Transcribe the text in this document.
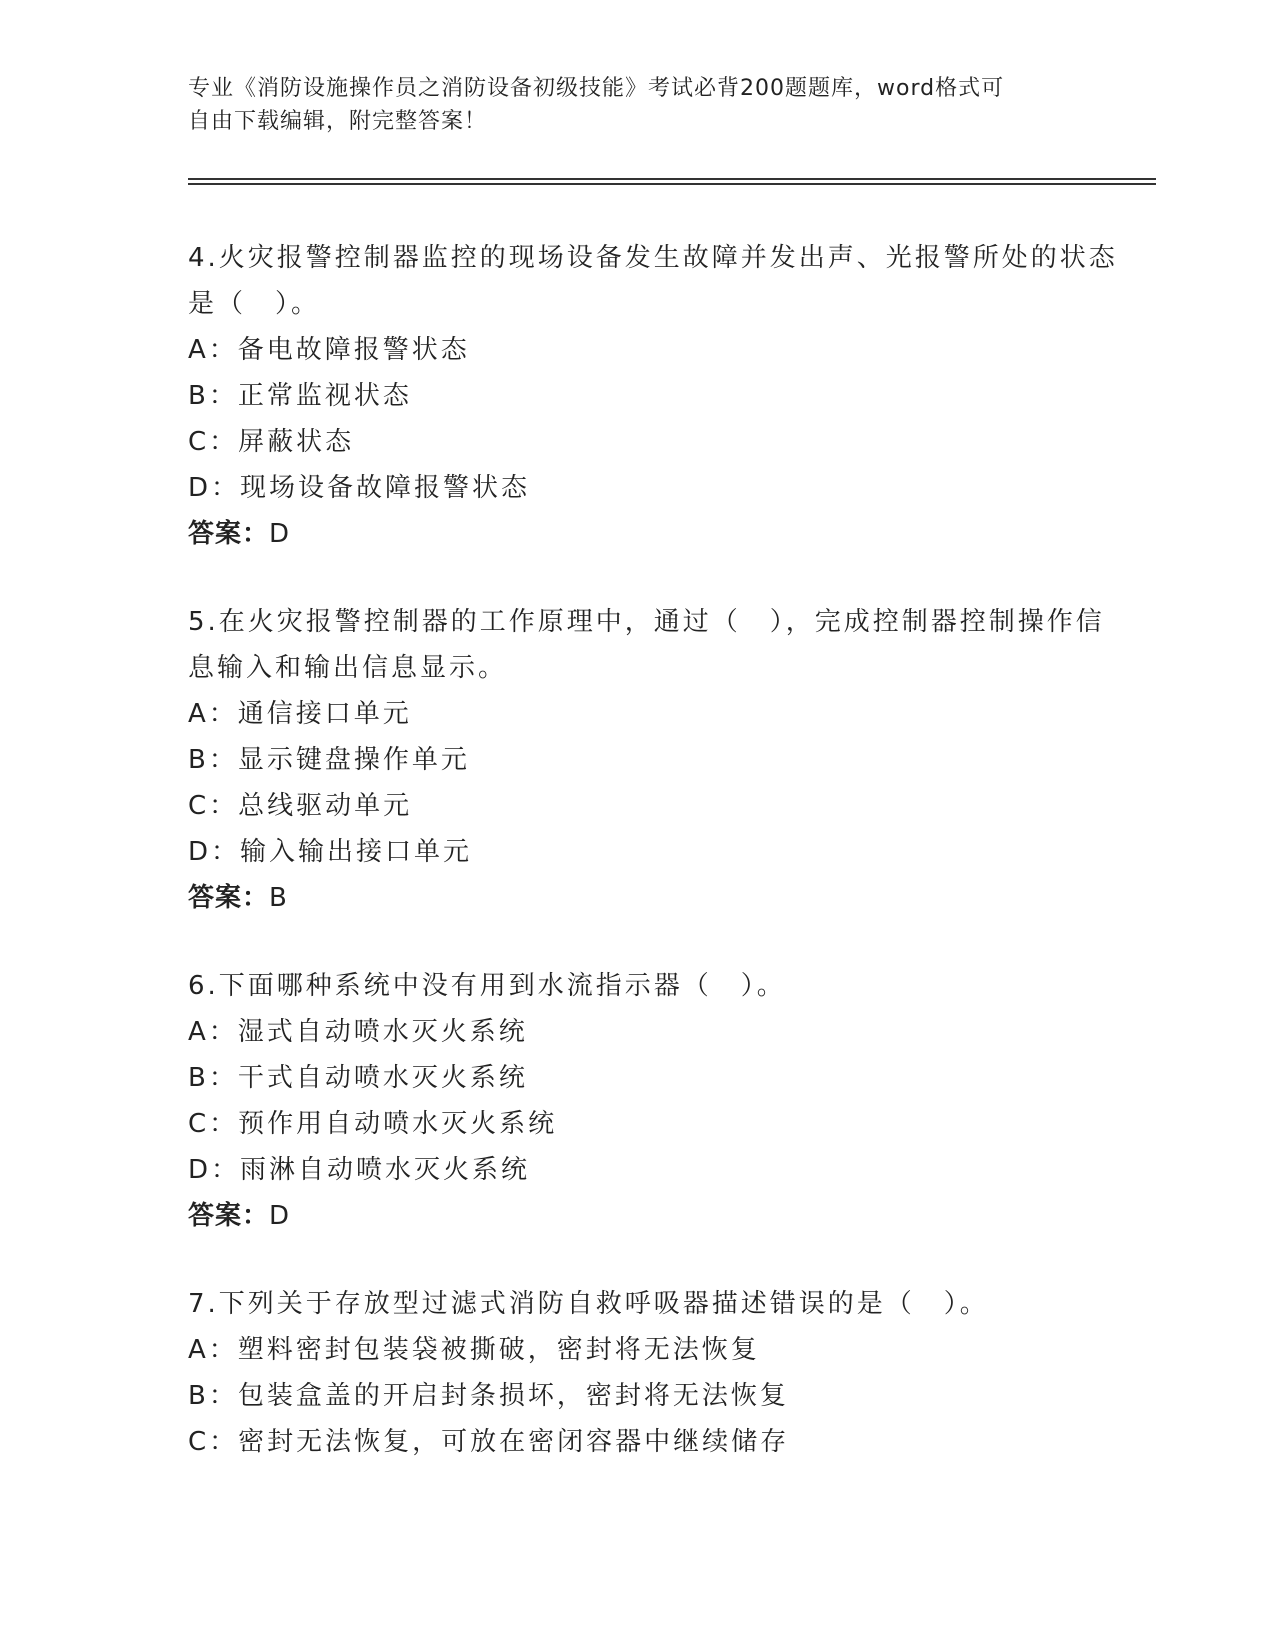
专业《消防设施操作员之消防设备初级技能》考试必背200题题库，word格式可
自由下载编辑，附完整答案！
4.火灾报警控制器监控的现场设备发生故障并发出声、光报警所处的状态是（　）。
A：备电故障报警状态
B：正常监视状态
C：屏蔽状态
D：现场设备故障报警状态
答案：D
5.在火灾报警控制器的工作原理中，通过（　），完成控制器控制操作信息输入和输出信息显示。
A：通信接口单元
B：显示键盘操作单元
C：总线驱动单元
D：输入输出接口单元
答案：B
6.下面哪种系统中没有用到水流指示器（　）。
A：湿式自动喷水灭火系统
B：干式自动喷水灭火系统
C：预作用自动喷水灭火系统
D：雨淋自动喷水灭火系统
答案：D
7.下列关于存放型过滤式消防自救呼吸器描述错误的是（　）。
A：塑料密封包装袋被撕破，密封将无法恢复
B：包装盒盖的开启封条损坏，密封将无法恢复
C：密封无法恢复，可放在密闭容器中继续储存
